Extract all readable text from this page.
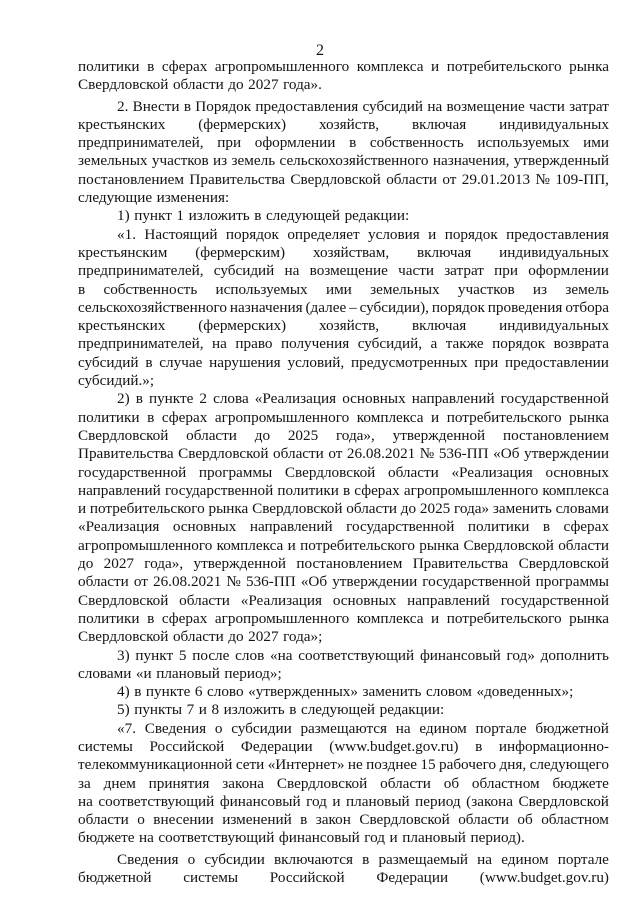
2
политики в сферах агропромышленного комплекса и потребительского рынка
Свердловской области до 2027 года».
2. Внести в Порядок предоставления субсидий на возмещение части затрат
крестьянских (фермерских) хозяйств, включая индивидуальных
предпринимателей, при оформлении в собственность используемых ими
земельных участков из земель сельскохозяйственного назначения, утвержденный
постановлением Правительства Свердловской области от 29.01.2013 № 109-ПП,
следующие изменения:
1) пункт 1 изложить в следующей редакции:
«1. Настоящий порядок определяет условия и порядок предоставления
крестьянским (фермерским) хозяйствам, включая индивидуальных
предпринимателей, субсидий на возмещение части затрат при оформлении
в собственность используемых ими земельных участков из земель
сельскохозяйственного назначения (далее – субсидии), порядок проведения отбора
крестьянских (фермерских) хозяйств, включая индивидуальных
предпринимателей, на право получения субсидий, а также порядок возврата
субсидий в случае нарушения условий, предусмотренных при предоставлении
субсидий.»;
2) в пункте 2 слова «Реализация основных направлений государственной
политики в сферах агропромышленного комплекса и потребительского рынка
Свердловской области до 2025 года», утвержденной постановлением
Правительства Свердловской области от 26.08.2021 № 536-ПП «Об утверждении
государственной программы Свердловской области «Реализация основных
направлений государственной политики в сферах агропромышленного комплекса
и потребительского рынка Свердловской области до 2025 года» заменить словами
«Реализация основных направлений государственной политики в сферах
агропромышленного комплекса и потребительского рынка Свердловской области
до 2027 года», утвержденной постановлением Правительства Свердловской
области от 26.08.2021 № 536-ПП «Об утверждении государственной программы
Свердловской области «Реализация основных направлений государственной
политики в сферах агропромышленного комплекса и потребительского рынка
Свердловской области до 2027 года»;
3) пункт 5 после слов «на соответствующий финансовый год» дополнить
словами «и плановый период»;
4) в пункте 6 слово «утвержденных» заменить словом «доведенных»;
5) пункты 7 и 8 изложить в следующей редакции:
«7. Сведения о субсидии размещаются на едином портале бюджетной
системы Российской Федерации (www.budget.gov.ru) в информационно-
телекоммуникационной сети «Интернет» не позднее 15 рабочего дня, следующего
за днем принятия закона Свердловской области об областном бюджете
на соответствующий финансовый год и плановый период (закона Свердловской
области о внесении изменений в закон Свердловской области об областном
бюджете на соответствующий финансовый год и плановый период).
Сведения о субсидии включаются в размещаемый на едином портале
бюджетной системы Российской Федерации (www.budget.gov.ru)
